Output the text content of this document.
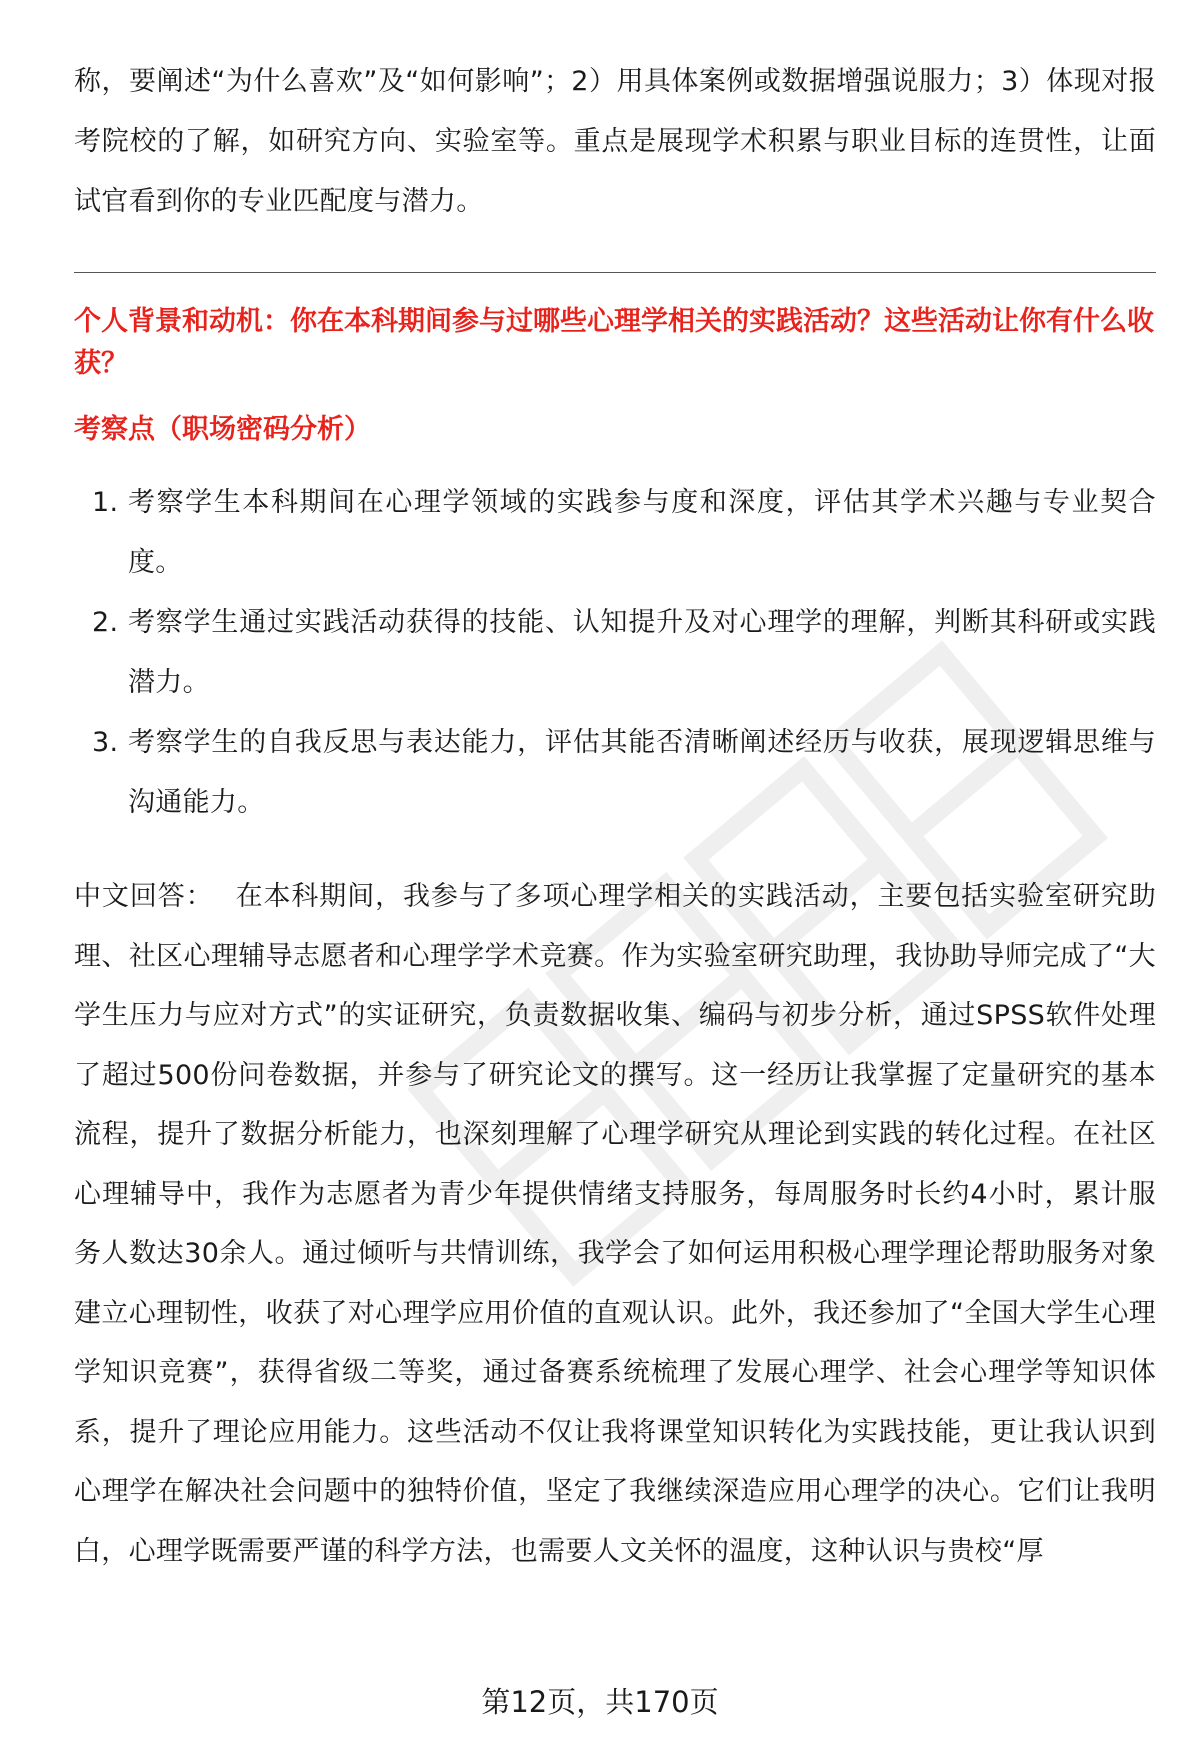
称，要阐述“为什么喜欢”及“如何影响”；2）用具体案例或数据增强说服力；3）体现对报考院校的了解，如研究方向、实验室等。重点是展现学术积累与职业目标的连贯性，让面试官看到你的专业匹配度与潜力。

个人背景和动机：你在本科期间参与过哪些心理学相关的实践活动？这些活动让你有什么收获？

考察点（职场密码分析）

1. 考察学生本科期间在心理学领域的实践参与度和深度，评估其学术兴趣与专业契合度。
2. 考察学生通过实践活动获得的技能、认知提升及对心理学的理解，判断其科研或实践潜力。
3. 考察学生的自我反思与表达能力，评估其能否清晰阐述经历与收获，展现逻辑思维与沟通能力。

中文回答： 在本科期间，我参与了多项心理学相关的实践活动，主要包括实验室研究助理、社区心理辅导志愿者和心理学学术竞赛。作为实验室研究助理，我协助导师完成了“大学生压力与应对方式”的实证研究，负责数据收集、编码与初步分析，通过SPSS软件处理了超过500份问卷数据，并参与了研究论文的撰写。这一经历让我掌握了定量研究的基本流程，提升了数据分析能力，也深刻理解了心理学研究从理论到实践的转化过程。在社区心理辅导中，我作为志愿者为青少年提供情绪支持服务，每周服务时长约4小时，累计服务人数达30余人。通过倾听与共情训练，我学会了如何运用积极心理学理论帮助服务对象建立心理韧性，收获了对心理学应用价值的直观认识。此外，我还参加了“全国大学生心理学知识竞赛”，获得省级二等奖，通过备赛系统梳理了发展心理学、社会心理学等知识体系，提升了理论应用能力。这些活动不仅让我将课堂知识转化为实践技能，更让我认识到心理学在解决社会问题中的独特价值，坚定了我继续深造应用心理学的决心。它们让我明白，心理学既需要严谨的科学方法，也需要人文关怀的温度，这种认识与贵校“厚

第12页，共170页
